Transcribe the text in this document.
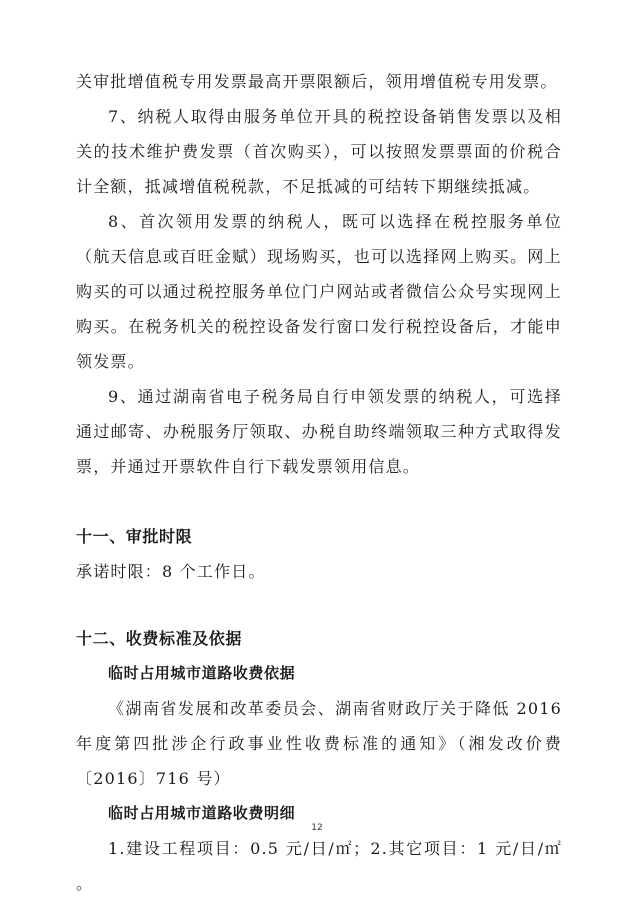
关审批增值税专用发票最高开票限额后，领用增值税专用发票。

7、纳税人取得由服务单位开具的税控设备销售发票以及相关的技术维护费发票（首次购买），可以按照发票票面的价税合计全额，抵减增值税税款，不足抵减的可结转下期继续抵减。

8、首次领用发票的纳税人，既可以选择在税控服务单位（航天信息或百旺金赋）现场购买，也可以选择网上购买。网上购买的可以通过税控服务单位门户网站或者微信公众号实现网上购买。在税务机关的税控设备发行窗口发行税控设备后，才能申领发票。

9、通过湖南省电子税务局自行申领发票的纳税人，可选择通过邮寄、办税服务厅领取、办税自助终端领取三种方式取得发票，并通过开票软件自行下载发票领用信息。

十一、审批时限

承诺时限：8 个工作日。

十二、收费标准及依据

临时占用城市道路收费依据

《湖南省发展和改革委员会、湖南省财政厅关于降低 2016 年度第四批涉企行政事业性收费标准的通知》（湘发改价费〔2016〕716 号）

临时占用城市道路收费明细

1.建设工程项目：0.5 元/日/㎡；2.其它项目：1 元/日/㎡ 。

12
